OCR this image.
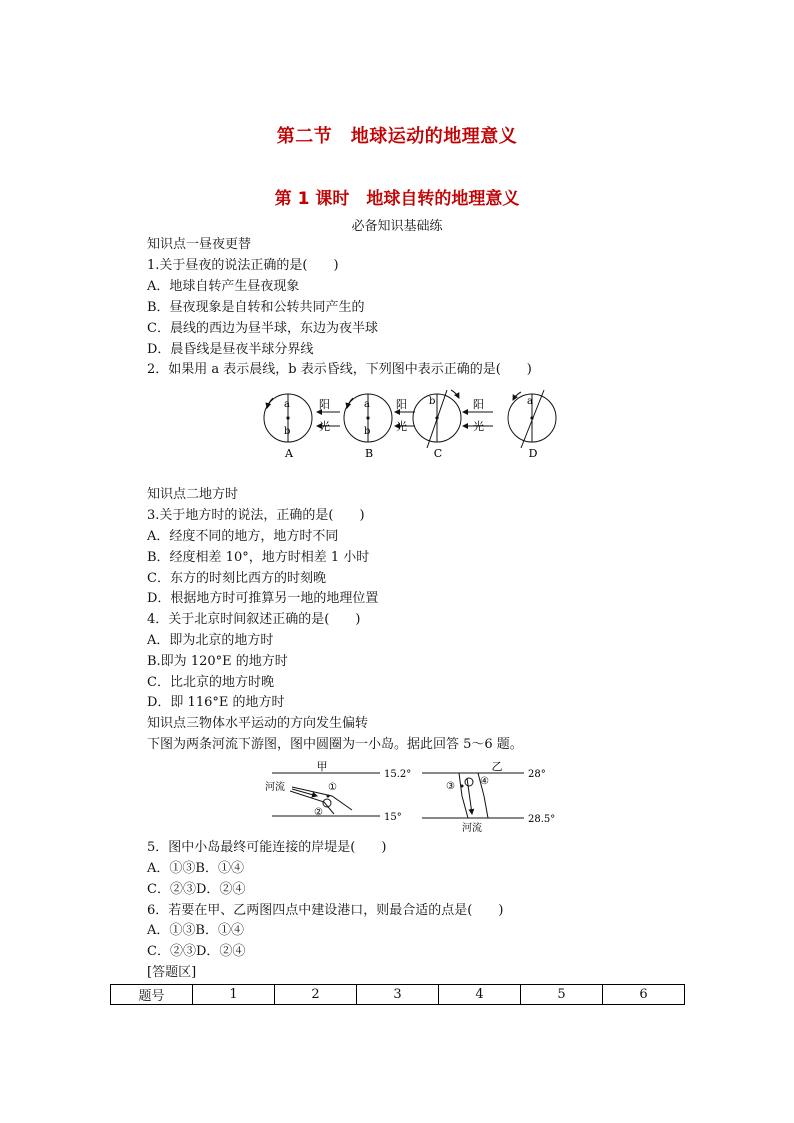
第二节　地球运动的地理意义
第 1 课时　地球自转的地理意义
必备知识基础练
知识点一昼夜更替
1.关于昼夜的说法正确的是(　　)
A．地球自转产生昼夜现象
B．昼夜现象是自转和公转共同产生的
C．晨线的西边为昼半球，东边为夜半球
D．晨昏线是昼夜半球分界线
2．如果用 a 表示晨线，b 表示昏线，下列图中表示正确的是(　　)
a
b
A
阳
光
a
b
B
阳
光
b
C
阳
光
a
D
知识点二地方时
3.关于地方时的说法，正确的是(　　)
A．经度不同的地方，地方时不同
B．经度相差 10°，地方时相差 1 小时
C．东方的时刻比西方的时刻晚
D．根据地方时可推算另一地的地理位置
4．关于北京时间叙述正确的是(　　)
A．即为北京的地方时
B.即为 120°E 的地方时
C．比北京的地方时晚
D．即 116°E 的地方时
知识点三物体水平运动的方向发生偏转
下图为两条河流下游图，图中圆圈为一小岛。据此回答 5～6 题。
甲
15.2°
15°
河流	①
②
乙
28°
28.5°
河流
③	④
5．图中小岛最终可能连接的岸堤是(　　)
A．①③B．①④
C．②③D．②④
6．若要在甲、乙两图四点中建设港口，则最合适的点是(　　)
A．①③B．①④
C．②③D．②④
[答题区]
题号	1	2	3	4	5	6
